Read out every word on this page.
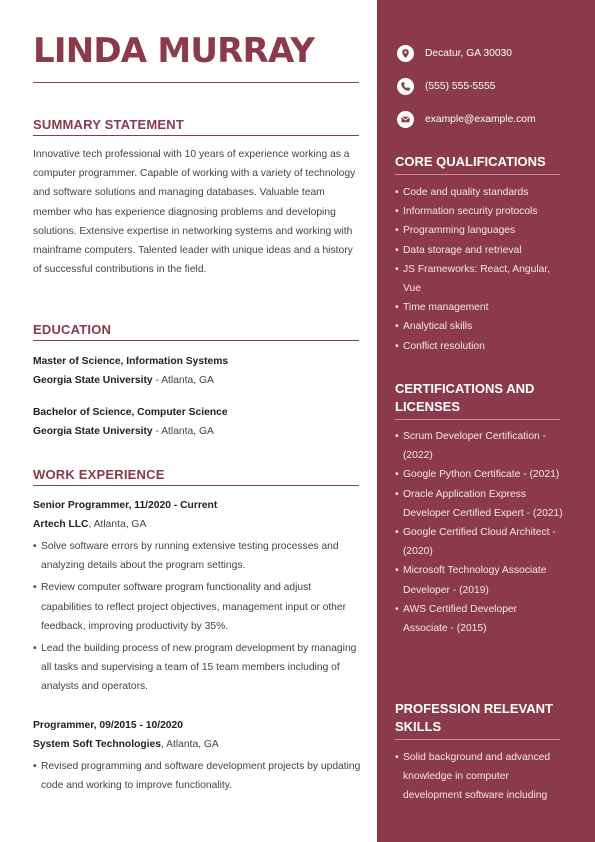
LINDA MURRAY
SUMMARY STATEMENT
Innovative tech professional with 10 years of experience working as a computer programmer. Capable of working with a variety of technology and software solutions and managing databases. Valuable team member who has experience diagnosing problems and developing solutions. Extensive expertise in networking systems and working with mainframe computers. Talented leader with unique ideas and a history of successful contributions in the field.
EDUCATION
Master of Science, Information Systems
Georgia State University - Atlanta, GA
Bachelor of Science, Computer Science
Georgia State University - Atlanta, GA
WORK EXPERIENCE
Senior Programmer, 11/2020 - Current
Artech LLC, Atlanta, GA
• Solve software errors by running extensive testing processes and analyzing details about the program settings.
• Review computer software program functionality and adjust capabilities to reflect project objectives, management input or other feedback, improving productivity by 35%.
• Lead the building process of new program development by managing all tasks and supervising a team of 15 team members including of analysts and operators.
Programmer, 09/2015 - 10/2020
System Soft Technologies, Atlanta, GA
• Revised programming and software development projects by updating code and working to improve functionality.
Decatur, GA 30030
(555) 555-5555
example@example.com
CORE QUALIFICATIONS
• Code and quality standards
• Information security protocols
• Programming languages
• Data storage and retrieval
• JS Frameworks: React, Angular, Vue
• Time management
• Analytical skills
• Conflict resolution
CERTIFICATIONS AND LICENSES
• Scrum Developer Certification - (2022)
• Google Python Certificate - (2021)
• Oracle Application Express Developer Certified Expert - (2021)
• Google Certified Cloud Architect - (2020)
• Microsoft Technology Associate Developer - (2019)
• AWS Certified Developer Associate - (2015)
PROFESSION RELEVANT SKILLS
• Solid background and advanced knowledge in computer development software including
